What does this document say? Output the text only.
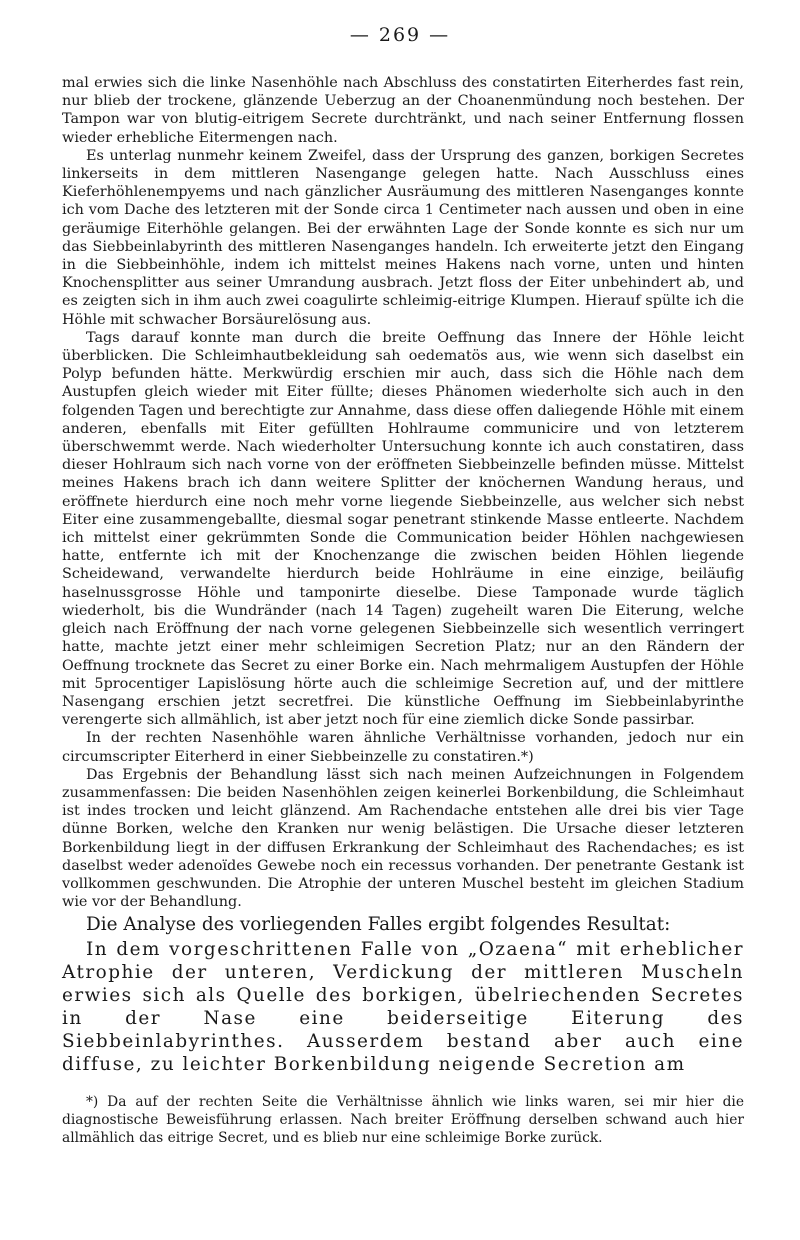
— 269 —

mal erwies sich die linke Nasenhöhle nach Abschluss des constatirten Eiterherdes fast rein, nur blieb der trockene, glänzende Ueberzug an der Choanenmündung noch bestehen. Der Tampon war von blutig-eitrigem Secrete durchtränkt, und nach seiner Entfernung flossen wieder erhebliche Eitermengen nach.

Es unterlag nunmehr keinem Zweifel, dass der Ursprung des ganzen, borkigen Secretes linkerseits in dem mittleren Nasengange gelegen hatte. Nach Ausschluss eines Kieferhöhlenempyems und nach gänzlicher Ausräumung des mittleren Nasenganges konnte ich vom Dache des letzteren mit der Sonde circa 1 Centimeter nach aussen und oben in eine geräumige Eiterhöhle gelangen. Bei der erwähnten Lage der Sonde konnte es sich nur um das Siebbeinlabyrinth des mittleren Nasenganges handeln. Ich erweiterte jetzt den Eingang in die Siebbeinhöhle, indem ich mittelst meines Hakens nach vorne, unten und hinten Knochensplitter aus seiner Umrandung ausbrach. Jetzt floss der Eiter unbehindert ab, und es zeigten sich in ihm auch zwei coagulirte schleimig-eitrige Klumpen. Hierauf spülte ich die Höhle mit schwacher Borsäurelösung aus.

Tags darauf konnte man durch die breite Oeffnung das Innere der Höhle leicht überblicken. Die Schleimhautbekleidung sah oedematös aus, wie wenn sich daselbst ein Polyp befunden hätte. Merkwürdig erschien mir auch, dass sich die Höhle nach dem Austupfen gleich wieder mit Eiter füllte; dieses Phänomen wiederholte sich auch in den folgenden Tagen und berechtigte zur Annahme, dass diese offen daliegende Höhle mit einem anderen, ebenfalls mit Eiter gefüllten Hohlraume communicire und von letzterem überschwemmt werde. Nach wiederholter Untersuchung konnte ich auch constatiren, dass dieser Hohlraum sich nach vorne von der eröffneten Siebbeinzelle befinden müsse. Mittelst meines Hakens brach ich dann weitere Splitter der knöchernen Wandung heraus, und eröffnete hierdurch eine noch mehr vorne liegende Siebbeinzelle, aus welcher sich nebst Eiter eine zusammengeballte, diesmal sogar penetrant stinkende Masse entleerte. Nachdem ich mittelst einer gekrümmten Sonde die Communication beider Höhlen nachgewiesen hatte, entfernte ich mit der Knochenzange die zwischen beiden Höhlen liegende Scheidewand, verwandelte hierdurch beide Hohlräume in eine einzige, beiläufig haselnussgrosse Höhle und tamponirte dieselbe. Diese Tamponade wurde täglich wiederholt, bis die Wundränder (nach 14 Tagen) zugeheilt waren Die Eiterung, welche gleich nach Eröffnung der nach vorne gelegenen Siebbeinzelle sich wesentlich verringert hatte, machte jetzt einer mehr schleimigen Secretion Platz; nur an den Rändern der Oeffnung trocknete das Secret zu einer Borke ein. Nach mehrmaligem Austupfen der Höhle mit 5procentiger Lapislösung hörte auch die schleimige Secretion auf, und der mittlere Nasengang erschien jetzt secretfrei. Die künstliche Oeffnung im Siebbeinlabyrinthe verengerte sich allmählich, ist aber jetzt noch für eine ziemlich dicke Sonde passirbar.

In der rechten Nasenhöhle waren ähnliche Verhältnisse vorhanden, jedoch nur ein circumscripter Eiterherd in einer Siebbeinzelle zu constatiren.*)

Das Ergebnis der Behandlung lässt sich nach meinen Aufzeichnungen in Folgendem zusammenfassen: Die beiden Nasenhöhlen zeigen keinerlei Borkenbildung, die Schleimhaut ist indes trocken und leicht glänzend. Am Rachendache entstehen alle drei bis vier Tage dünne Borken, welche den Kranken nur wenig belästigen. Die Ursache dieser letzteren Borkenbildung liegt in der diffusen Erkrankung der Schleimhaut des Rachendaches; es ist daselbst weder adenoïdes Gewebe noch ein recessus vorhanden. Der penetrante Gestank ist vollkommen geschwunden. Die Atrophie der unteren Muschel besteht im gleichen Stadium wie vor der Behandlung.

Die Analyse des vorliegenden Falles ergibt folgendes Resultat:

In dem vorgeschrittenen Falle von „Ozaena“ mit erheblicher Atrophie der unteren, Verdickung der mittleren Muscheln erwies sich als Quelle des borkigen, übelriechenden Secretes in der Nase eine beiderseitige Eiterung des Siebbeinlabyrinthes. Ausserdem bestand aber auch eine diffuse, zu leichter Borkenbildung neigende Secretion am

*) Da auf der rechten Seite die Verhältnisse ähnlich wie links waren, sei mir hier die diagnostische Beweisführung erlassen. Nach breiter Eröffnung derselben schwand auch hier allmählich das eitrige Secret, und es blieb nur eine schleimige Borke zurück.
